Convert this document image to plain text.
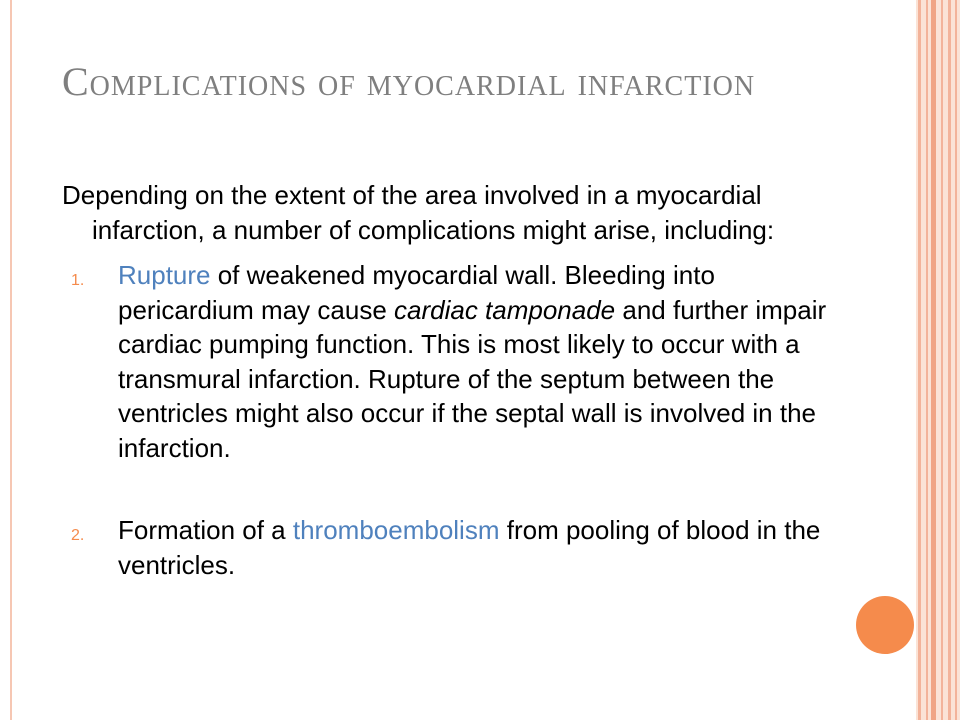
Complications of myocardial infarction

Depending on the extent of the area involved in a myocardial infarction, a number of complications might arise, including:

1. Rupture of weakened myocardial wall. Bleeding into pericardium may cause cardiac tamponade and further impair cardiac pumping function. This is most likely to occur with a transmural infarction. Rupture of the septum between the ventricles might also occur if the septal wall is involved in the infarction.
2. Formation of a thromboembolism from pooling of blood in the ventricles.
